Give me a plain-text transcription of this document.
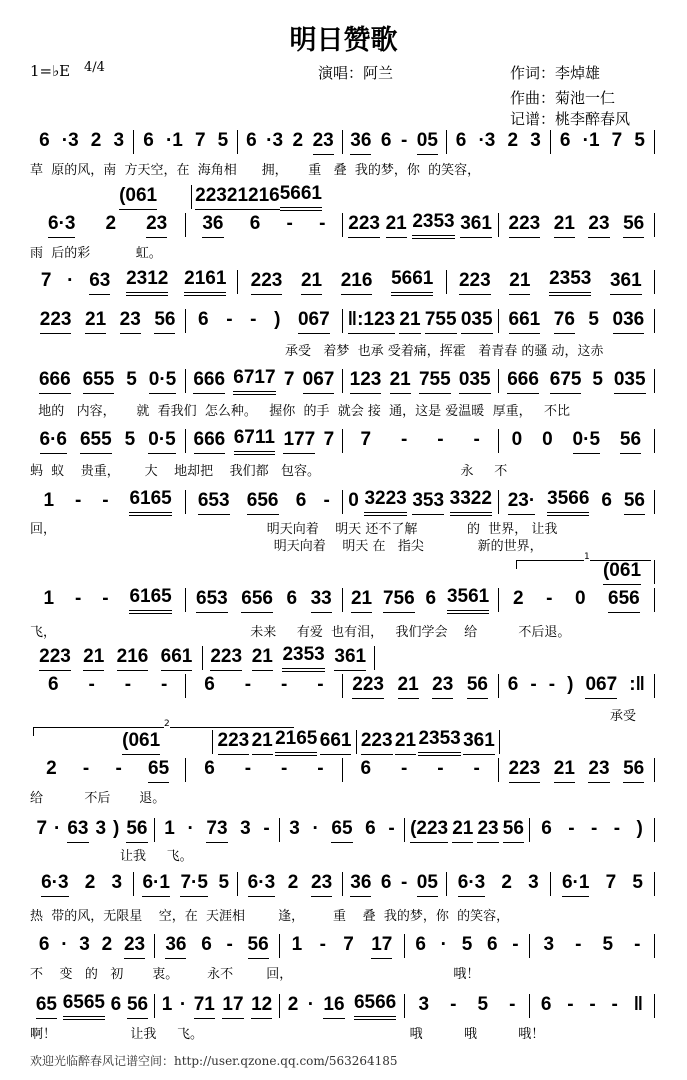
明日赞歌
1=♭E 4/4	演唱：阿兰	作词：李焯雄
作曲：菊池一仁
记谱：桃李醉春风
1
2
欢迎光临醉春风记谱空间：http://user.qzone.qq.com/563264185
6 ·3 2 3 6 ·1 7 5 6 ·3 2 23 36 6 - 05 6 ·3 2 3 6 ·1 7 5
草  原的风，南  方天空，在  海角相      拥，     重   叠  我的梦，你  的笑容，
(061 223 21 216 5661
6·3 2 23 36 6 - - 223 21 2353 361 223 21 23 56
雨  后的彩           虹。
7 · 63 2312 2161 223 21 216 5661 223 21 2353 361
223 21 23 56 6 - - ) 067 ‖:123 21 755 035 661 76 5 036
承受   着梦  也承 受着痛，挥霍   着青春 的骚 动，这赤
666 655 5 0·5 666 6717 7 067 123 21 755 035 666 675 5 035
地的   内容，     就  看我们  怎么种。   握你  的手  就会 接  通，这是 爱温暖  厚重，   不比
6·6 655 5 0·5 666 6711 177 7 7 - - - 0 0 0·5 56
蚂  蚁    贵重，      大    地却把    我们都   包容。                                  永     不
1 - - 6165 653 656 6 - 0 3223 353 3322 23· 3566 6 56
回，                                                   明天向着    明天 还不了解            的  世界， 让我
明天向着    明天 在   指尖             新的世界，
(061
1 - - 6165 653 656 6 33 21 756 6 3561 2 - 0 656
飞，                                               未来     有爱  也有泪，   我们学会    给          不后退。
223 21 216 661 223 21 2353 361
6 - - - 6 - - - 223 21 23 56 6 - - ) 067 :‖
承受
(061	223 21 2165 661 223 21 2353 361
2 - - 65 6 - - - 6 - - - 223 21 23 56
给          不后       退。
7 · 63 3 ) 56 1 · 73 3 - 3 · 65 6 - (223 21 23 56 6 - - - )
让我     飞。
6·3 2 3 6·1 7·5 5 6·3 2 23 36 6 - 05 6·3 2 3 6·1 7 5
热  带的风，无限星    空，在  天涯相        逢，       重    叠  我的梦，你  的笑容，
6 · 3 2 23 36 6 - 56 1 - 7 17 6 · 5 6 - 3 - 5 -
不    变   的   初       衷。       永不        回，                                       哦！
65 6565 6 56 1 · 71 17 12 2 · 16 6566 3 - 5 - 6 - - - ‖
啊！                  让我     飞。                                                  哦          哦          哦！
